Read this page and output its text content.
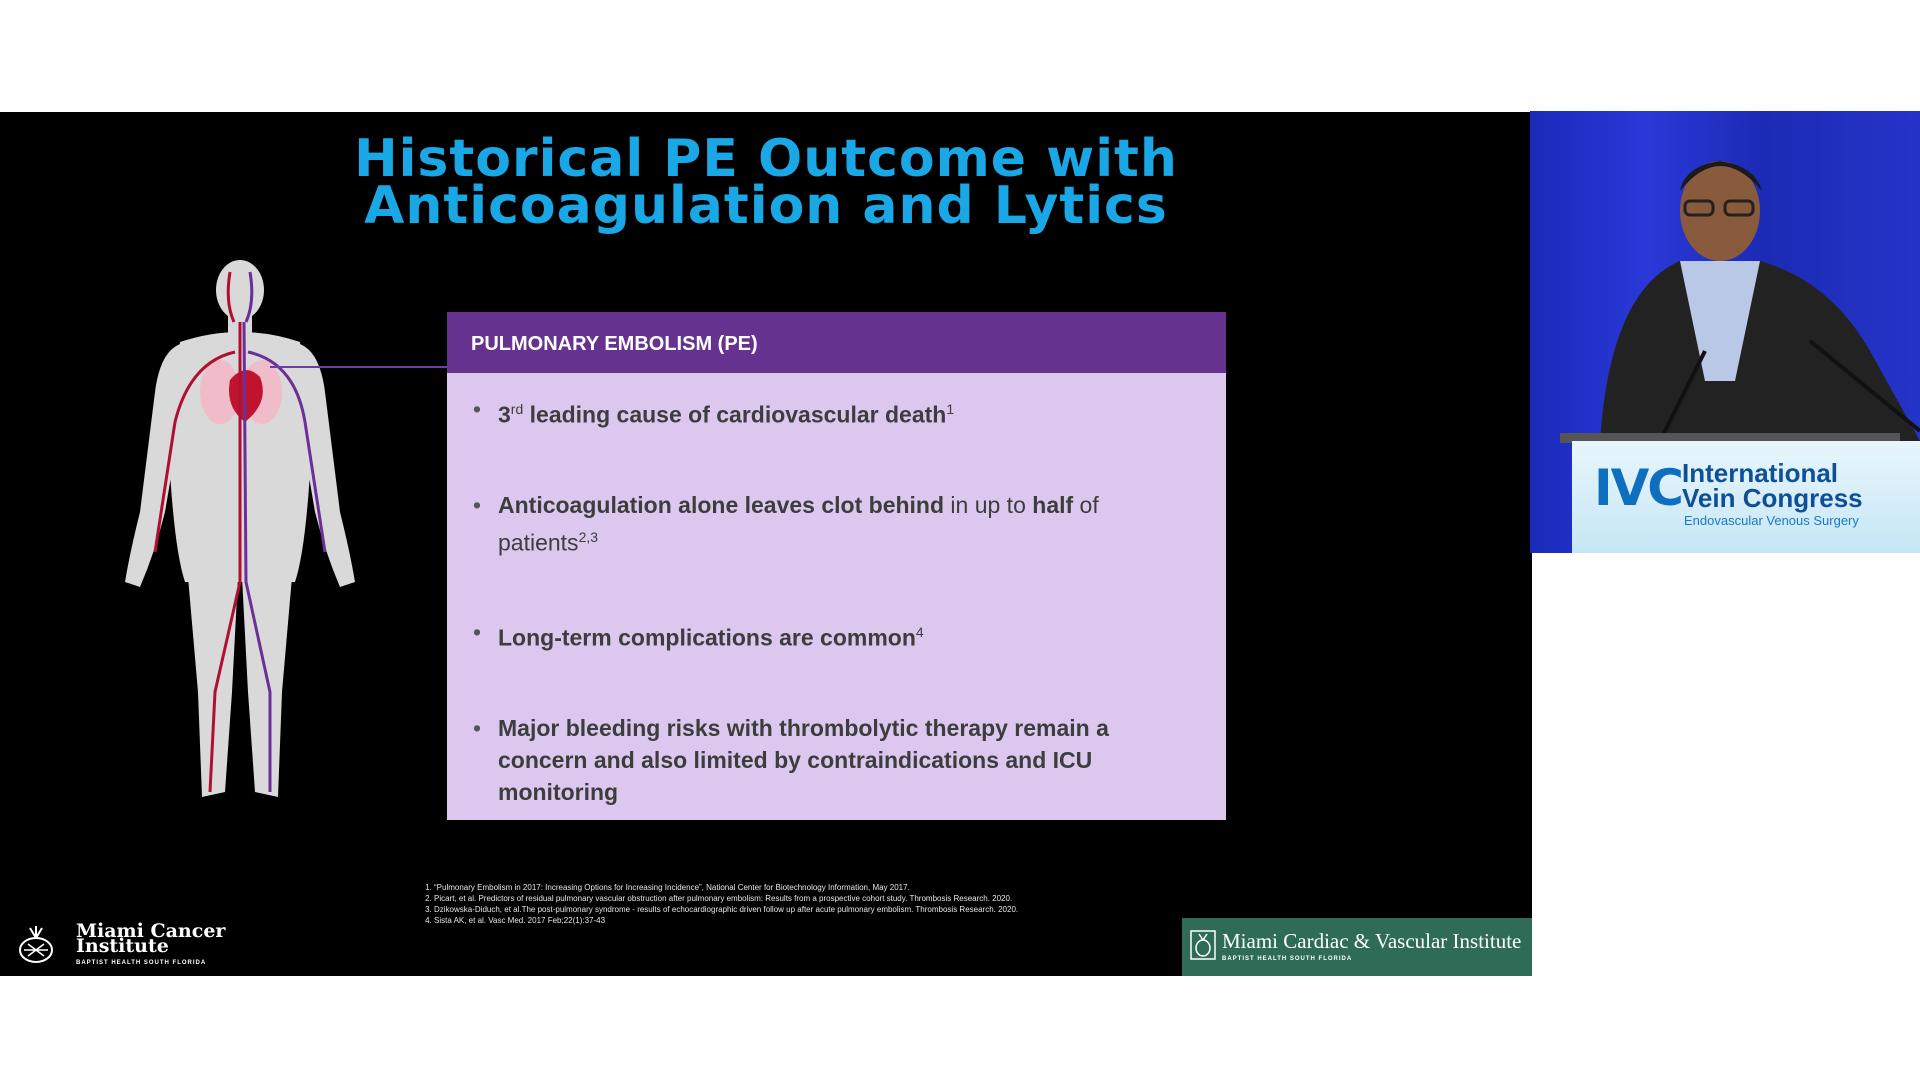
Historical PE Outcome with
Anticoagulation and Lytics
PULMONARY EMBOLISM (PE)
• 3rd leading cause of cardiovascular death$^1$
• Anticoagulation alone leaves clot behind in up to half of patients$^{2,3}$
• Long-term complications are common$^4$
• Major bleeding risks with thrombolytic therapy remain a concern and also limited by contraindications and ICU monitoring
1. “Pulmonary Embolism in 2017: Increasing Options for Increasing Incidence”, National Center for Biotechnology Information, May 2017.
2. Picart, et al. Predictors of residual pulmonary vascular obstruction after pulmonary embolism: Results from a prospective cohort study. Thrombosis Research. 2020.
3. Dzikowska-Diduch, et al.The post-pulmonary syndrome - results of echocardiographic driven follow up after acute pulmonary embolism. Thrombosis Research. 2020.
4. Sista AK, et al. Vasc Med. 2017 Feb;22(1):37-43
Miami Cancer Institute
BAPTIST HEALTH SOUTH FLORIDA
Miami Cardiac & Vascular Institute
BAPTIST HEALTH SOUTH FLORIDA
IVC International
Vein Congress
Endovascular Venous Surgery
